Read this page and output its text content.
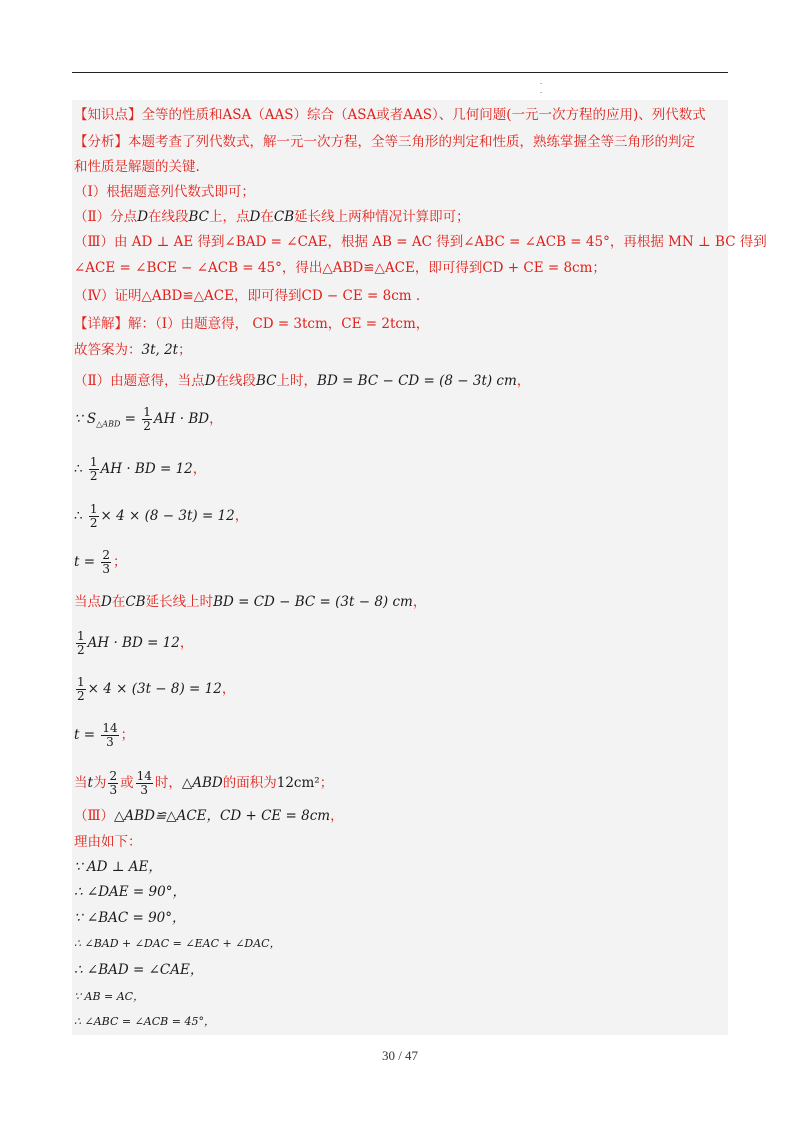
·
·
【知识点】全等的性质和ASA（AAS）综合（ASA或者AAS）、几何问题(一元一次方程的应用)、列代数式
【分析】本题考查了列代数式，解一元一次方程，全等三角形的判定和性质，熟练掌握全等三角形的判定
和性质是解题的关键.
（Ⅰ）根据题意列代数式即可；
（Ⅱ）分点D在线段BC上，点D在CB延长线上两种情况计算即可；
（Ⅲ）由 AD ⊥ AE 得到∠BAD = ∠CAE，根据 AB = AC 得到∠ABC = ∠ACB = 45°，再根据 MN ⊥ BC 得到
∠ACE = ∠BCE − ∠ACB = 45°，得出△ABD≌△ACE，即可得到CD + CE = 8cm；
（Ⅳ）证明△ABD≌△ACE，即可得到CD − CE = 8cm .
【详解】解：（Ⅰ）由题意得， CD = 3tcm，CE = 2tcm，
故答案为：3t, 2t；
（Ⅱ）由题意得，当点D在线段BC上时，BD = BC − CD = (8 − 3t) cm，
∵ $S_{\triangle ABD} = \frac{1}{2}$ AH · BD，
∴ $\frac{1}{2}$ AH · BD = 12，
∴ $\frac{1}{2} \times 4 \times (8 - 3t) = 12$，
$t = \frac{2}{3}$ ；
当点D在CB延长线上时BD = CD − BC = (3t − 8) cm，
$\frac{1}{2}$ AH · BD = 12，
$\frac{1}{2} \times 4 \times (3t - 8) = 12$，
$t = \frac{14}{3}$ ；
当t为 $\frac{2}{3}$ 或 $\frac{14}{3}$ 时，△ABD的面积为12cm²；
（Ⅲ）△ABD≌△ACE，CD + CE = 8cm，
理由如下：
∵ AD ⊥ AE，
∴ ∠DAE = 90°，
∵ ∠BAC = 90°，
∴ ∠BAD + ∠DAC = ∠EAC + ∠DAC，
∴ ∠BAD = ∠CAE，
∵ AB = AC，
∴ ∠ABC = ∠ACB = 45°，
30 / 47
